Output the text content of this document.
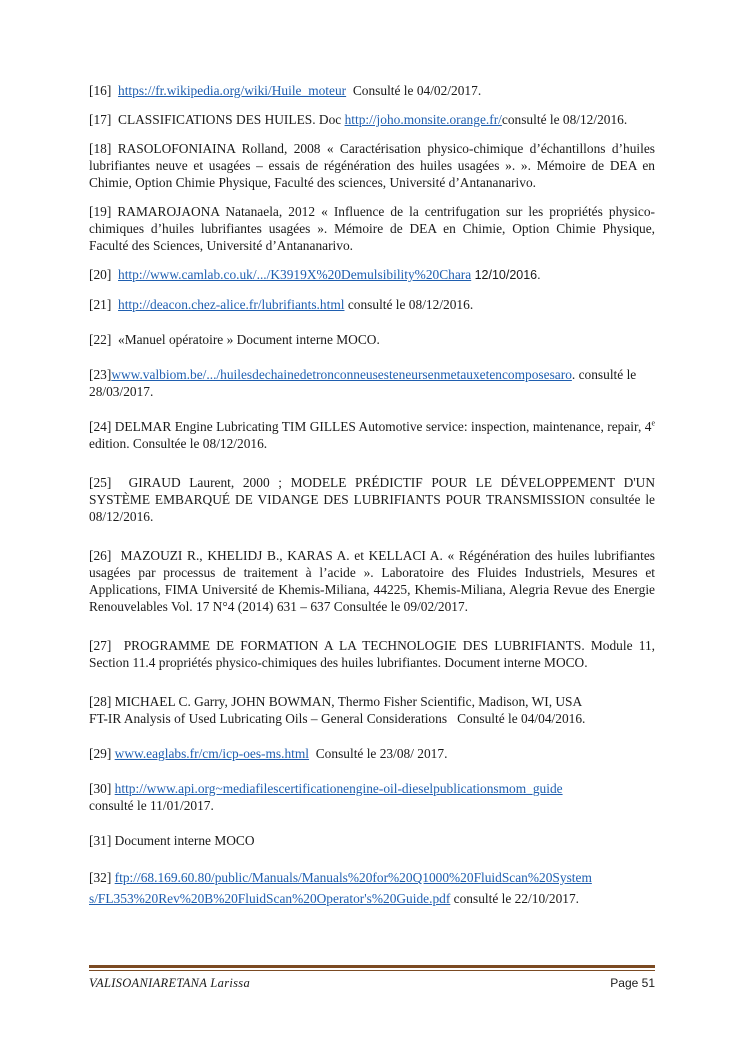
[16] https://fr.wikipedia.org/wiki/Huile_moteur Consulté le 04/02/2017.
[17] CLASSIFICATIONS DES HUILES. Doc http://joho.monsite.orange.fr/consulté le 08/12/2016.
[18] RASOLOFONIAINA Rolland, 2008 « Caractérisation physico-chimique d’échantillons d’huiles lubrifiantes neuve et usagées – essais de régénération des huiles usagées ». ». Mémoire de DEA en Chimie, Option Chimie Physique, Faculté des sciences, Université d’Antananarivo.
[19] RAMAROJAONA Natanaela, 2012 « Influence de la centrifugation sur les propriétés physico-chimiques d’huiles lubrifiantes usagées ». Mémoire de DEA en Chimie, Option Chimie Physique, Faculté des Sciences, Université d’Antananarivo.
[20] http://www.camlab.co.uk/.../K3919X%20Demulsibility%20Chara 12/10/2016.
[21] http://deacon.chez-alice.fr/lubrifiants.html consulté le 08/12/2016.
[22] «Manuel opératoire » Document interne MOCO.
[23]www.valbiom.be/.../huilesdechainedetronconneusesteneursenmetauxetencomposesaro. consulté le 28/03/2017.
[24] DELMAR Engine Lubricating TIM GILLES Automotive service: inspection, maintenance, repair, 4e edition. Consultée le 08/12/2016.
[25] GIRAUD Laurent, 2000 ; MODELE PRÉDICTIF POUR LE DÉVELOPPEMENT D'UN SYSTÈME EMBARQUÉ DE VIDANGE DES LUBRIFIANTS POUR TRANSMISSION consultée le 08/12/2016.
[26] MAZOUZI R., KHELIDJ B., KARAS A. et KELLACI A. « Régénération des huiles lubrifiantes usagées par processus de traitement à l’acide ». Laboratoire des Fluides Industriels, Mesures et Applications, FIMA Université de Khemis-Miliana, 44225, Khemis-Miliana, Alegria Revue des Energie Renouvelables Vol. 17 N°4 (2014) 631 – 637 Consultée le 09/02/2017.
[27] PROGRAMME DE FORMATION A LA TECHNOLOGIE DES LUBRIFIANTS. Module 11, Section 11.4 propriétés physico-chimiques des huiles lubrifiantes. Document interne MOCO.
[28] MICHAEL C. Garry, JOHN BOWMAN, Thermo Fisher Scientific, Madison, WI, USA
FT-IR Analysis of Used Lubricating Oils – General Considerations   Consulté le 04/04/2016.
[29] www.eaglabs.fr/cm/icp-oes-ms.html Consulté le 23/08/ 2017.
[30] http://www.api.org~mediafilescertificationengine-oil-dieselpublicationsmom_guide
consulté le 11/01/2017.
[31] Document interne MOCO
[32] ftp://68.169.60.80/public/Manuals/Manuals%20for%20Q1000%20FluidScan%20System
s/FL353%20Rev%20B%20FluidScan%20Operator's%20Guide.pdf consulté le 22/10/2017.
VALISOANIARETANA Larissa	Page 51
